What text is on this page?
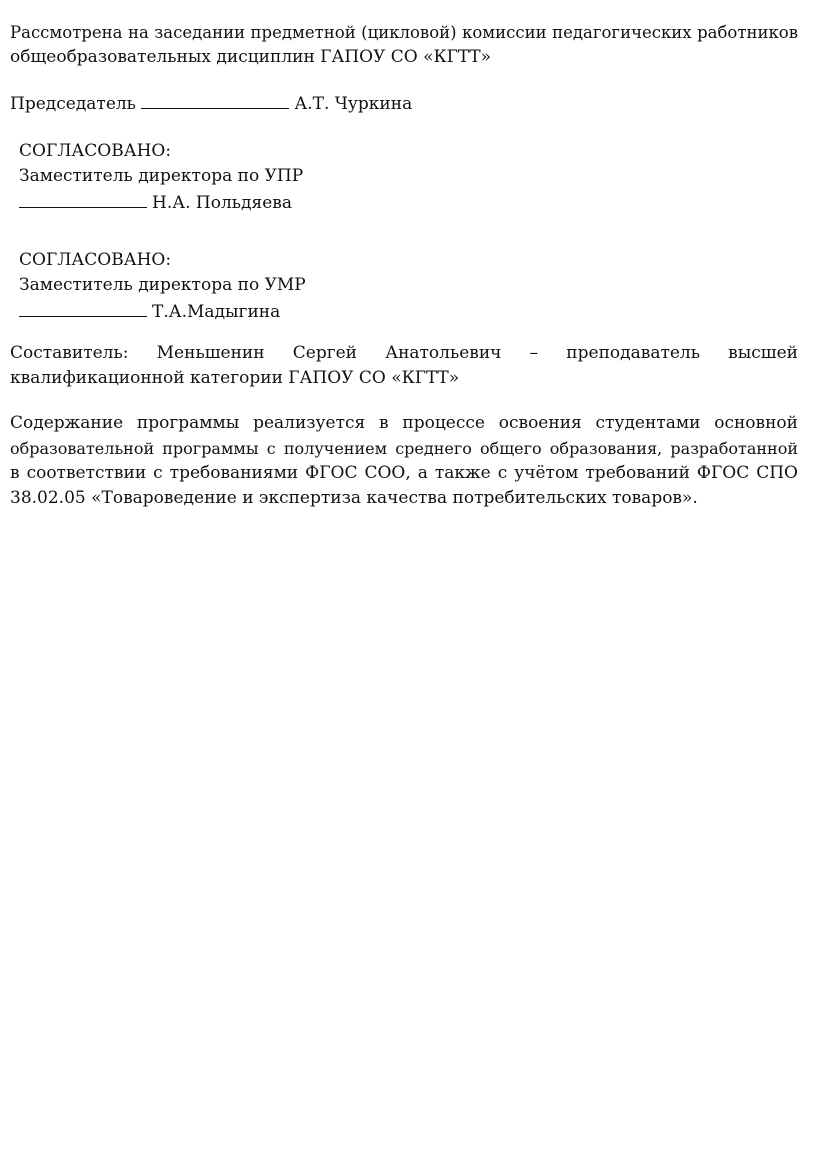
Рассмотрена на заседании предметной (цикловой) комиссии педагогических работников
общеобразовательных дисциплин ГАПОУ СО «КГТТ»
Председатель	А.Т. Чуркина
СОГЛАСОВАНО:
Заместитель директора по УПР
Н.А. Польдяева
СОГЛАСОВАНО:
Заместитель директора по УМР
Т.А.Мадыгина
Составитель: Меньшенин Сергей Анатольевич – преподаватель высшей
квалификационной категории ГАПОУ СО «КГТТ»
Содержание программы реализуется в процессе освоения студентами основной
образовательной программы с получением среднего общего образования, разработанной
в соответствии с требованиями ФГОС СОО, а также с учётом требований ФГОС СПО
38.02.05 «Товароведение и экспертиза качества потребительских товаров».
